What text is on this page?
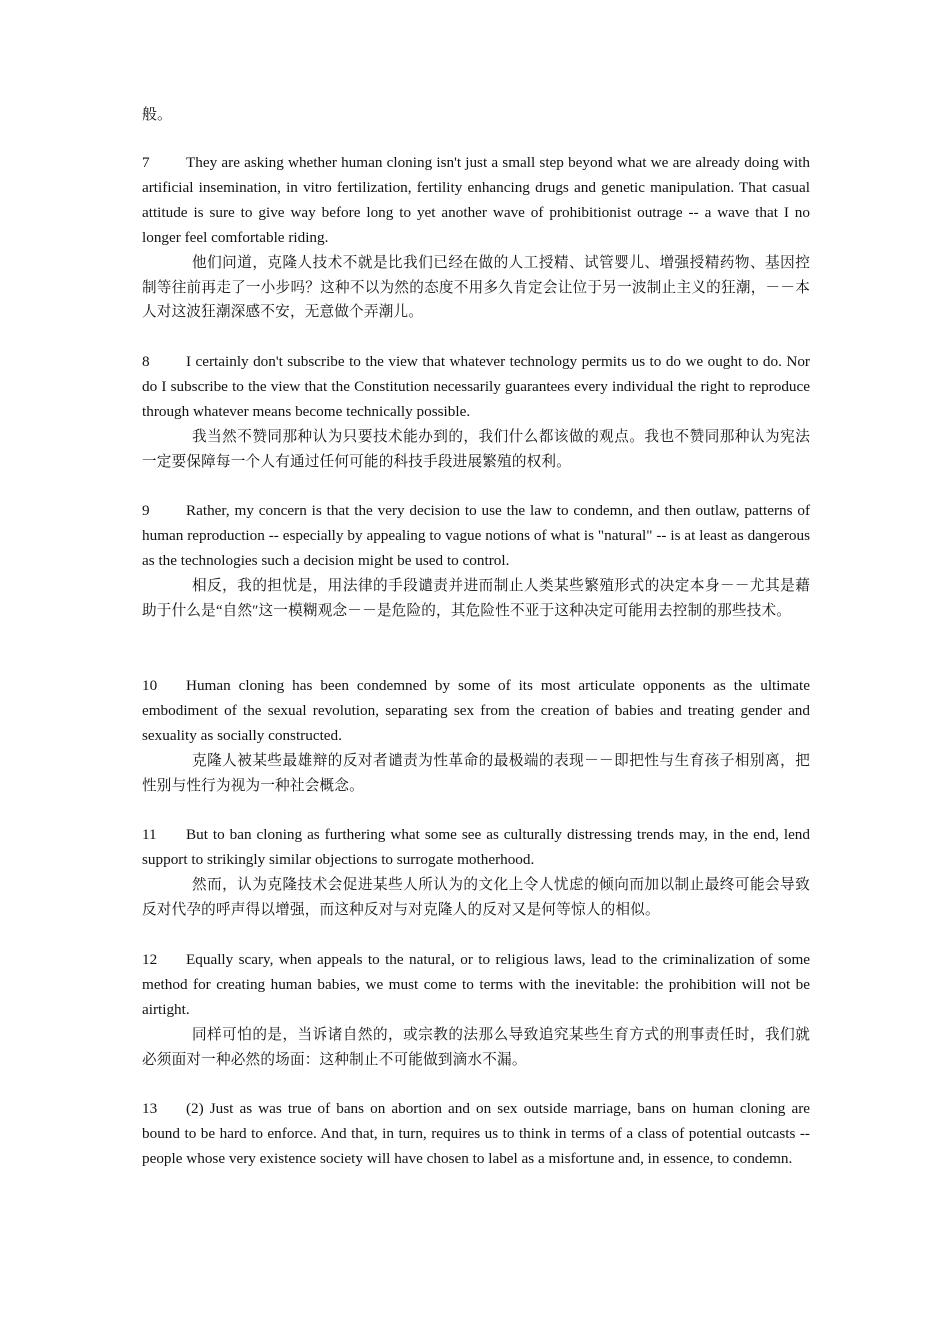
般。

7 They are asking whether human cloning isn't just a small step beyond what we are already doing with artificial insemination, in vitro fertilization, fertility enhancing drugs and genetic manipulation. That casual attitude is sure to give way before long to yet another wave of prohibitionist outrage -- a wave that I no longer feel comfortable riding.

他们问道，克隆人技术不就是比我们已经在做的人工授精、试管婴儿、增强授精药物、基因控制等往前再走了一小步吗？这种不以为然的态度不用多久肯定会让位于另一波制止主义的狂潮，－－本人对这波狂潮深感不安，无意做个弄潮儿。

8 I certainly don't subscribe to the view that whatever technology permits us to do we ought to do. Nor do I subscribe to the view that the Constitution necessarily guarantees every individual the right to reproduce through whatever means become technically possible.

我当然不赞同那种认为只要技术能办到的，我们什么都该做的观点。我也不赞同那种认为宪法一定要保障每一个人有通过任何可能的科技手段进展繁殖的权利。

9 Rather, my concern is that the very decision to use the law to condemn, and then outlaw, patterns of human reproduction -- especially by appealing to vague notions of what is "natural" -- is at least as dangerous as the technologies such a decision might be used to control.

相反，我的担忧是，用法律的手段谴责并进而制止人类某些繁殖形式的决定本身－－尤其是藉助于什么是“自然″这一模糊观念－－是危险的，其危险性不亚于这种决定可能用去控制的那些技术。

10 Human cloning has been condemned by some of its most articulate opponents as the ultimate embodiment of the sexual revolution, separating sex from the creation of babies and treating gender and sexuality as socially constructed.

克隆人被某些最雄辩的反对者谴责为性革命的最极端的表现－－即把性与生育孩子相别离，把性别与性行为视为一种社会概念。

11 But to ban cloning as furthering what some see as culturally distressing trends may, in the end, lend support to strikingly similar objections to surrogate motherhood.

然而，认为克隆技术会促进某些人所认为的文化上令人忧虑的倾向而加以制止最终可能会导致反对代孕的呼声得以增强，而这种反对与对克隆人的反对又是何等惊人的相似。

12 Equally scary, when appeals to the natural, or to religious laws, lead to the criminalization of some method for creating human babies, we must come to terms with the inevitable: the prohibition will not be airtight.

同样可怕的是，当诉诸自然的，或宗教的法那么导致追究某些生育方式的刑事责任时，我们就必须面对一种必然的场面：这种制止不可能做到滴水不漏。

13 (2) Just as was true of bans on abortion and on sex outside marriage, bans on human cloning are bound to be hard to enforce. And that, in turn, requires us to think in terms of a class of potential outcasts -- people whose very existence society will have chosen to label as a misfortune and, in essence, to condemn.
